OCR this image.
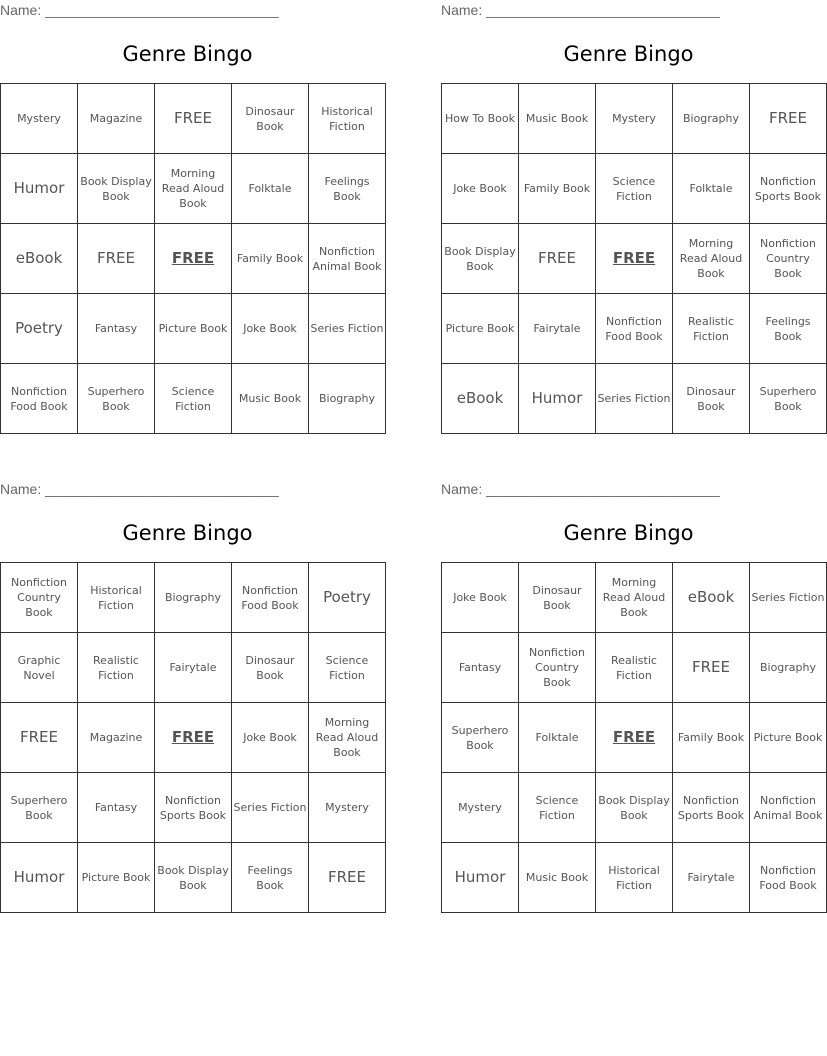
Name: ______________________________
Genre Bingo
Mystery	Magazine	FREE	Dinosaur Book	Historical Fiction
Humor	Book Display Book	Morning Read Aloud Book	Folktale	Feelings Book
eBook	FREE	FREE	Family Book	Nonfiction Animal Book
Poetry	Fantasy	Picture Book	Joke Book	Series Fiction
Nonfiction Food Book	Superhero Book	Science Fiction	Music Book	Biography
Name: ______________________________
Genre Bingo
How To Book	Music Book	Mystery	Biography	FREE
Joke Book	Family Book	Science Fiction	Folktale	Nonfiction Sports Book
Book Display Book	FREE	FREE	Morning Read Aloud Book	Nonfiction Country Book
Picture Book	Fairytale	Nonfiction Food Book	Realistic Fiction	Feelings Book
eBook	Humor	Series Fiction	Dinosaur Book	Superhero Book
Name: ______________________________
Genre Bingo
Nonfiction Country Book	Historical Fiction	Biography	Nonfiction Food Book	Poetry
Graphic Novel	Realistic Fiction	Fairytale	Dinosaur Book	Science Fiction
FREE	Magazine	FREE	Joke Book	Morning Read Aloud Book
Superhero Book	Fantasy	Nonfiction Sports Book	Series Fiction	Mystery
Humor	Picture Book	Book Display Book	Feelings Book	FREE
Name: ______________________________
Genre Bingo
Joke Book	Dinosaur Book	Morning Read Aloud Book	eBook	Series Fiction
Fantasy	Nonfiction Country Book	Realistic Fiction	FREE	Biography
Superhero Book	Folktale	FREE	Family Book	Picture Book
Mystery	Science Fiction	Book Display Book	Nonfiction Sports Book	Nonfiction Animal Book
Humor	Music Book	Historical Fiction	Fairytale	Nonfiction Food Book
